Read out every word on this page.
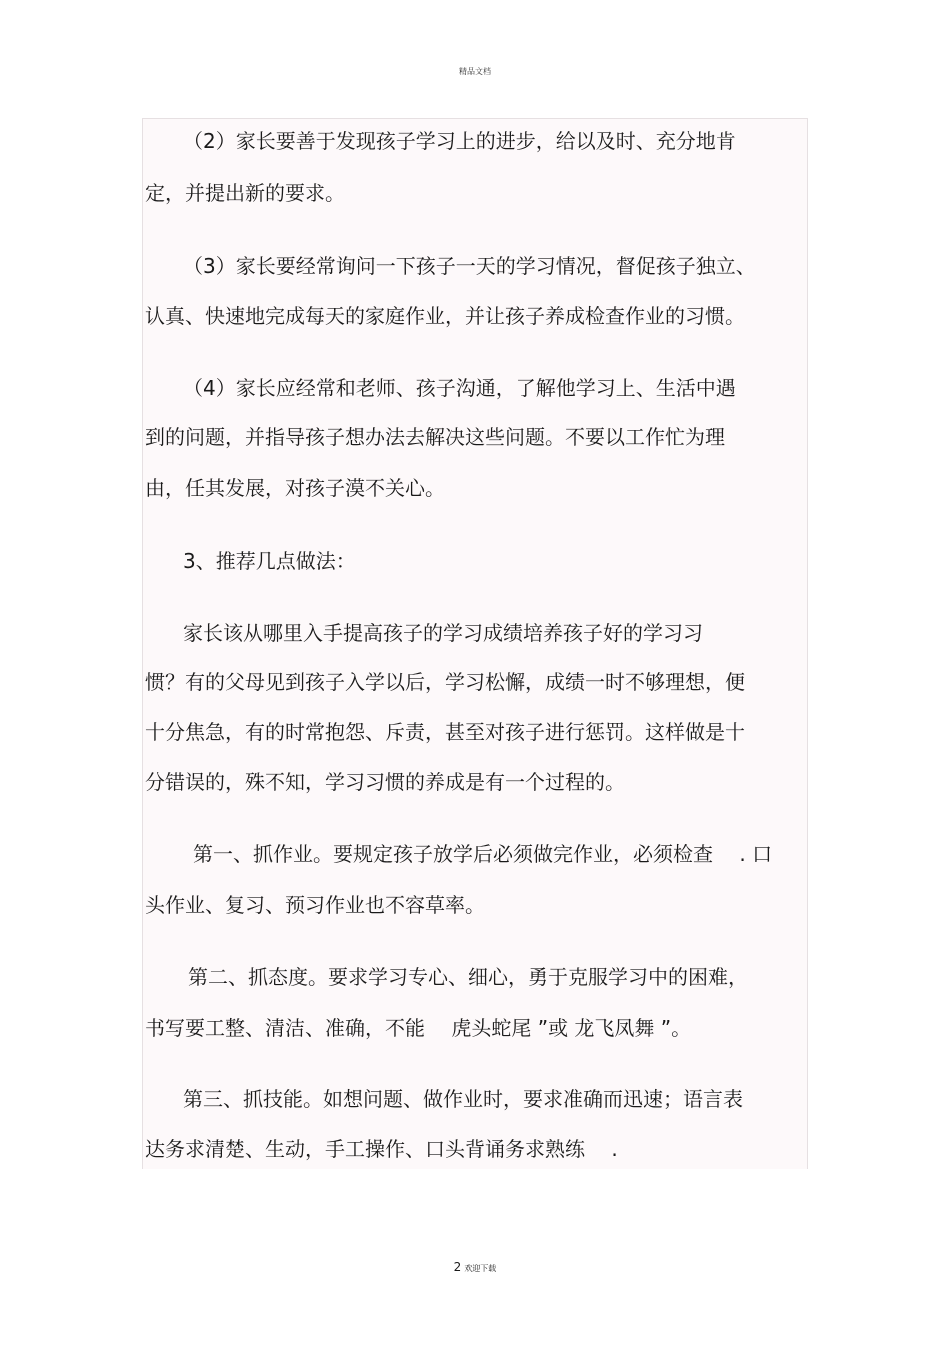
精品文档
（2）家长要善于发现孩子学习上的进步，给以及时、充分地肯
定，并提出新的要求。
（3）家长要经常询问一下孩子一天的学习情况，督促孩子独立、
认真、快速地完成每天的家庭作业，并让孩子养成检查作业的习惯。
（4）家长应经常和老师、孩子沟通，了解他学习上、生活中遇
到的问题，并指导孩子想办法去解决这些问题。不要以工作忙为理
由，任其发展，对孩子漠不关心。
3、推荐几点做法：
家长该从哪里入手提高孩子的学习成绩培养孩子好的学习习
惯？有的父母见到孩子入学以后，学习松懈，成绩一时不够理想，便
十分焦急，有的时常抱怨、斥责，甚至对孩子进行惩罚。这样做是十
分错误的，殊不知，学习习惯的养成是有一个过程的。
第一、抓作业。要规定孩子放学后必须做完作业，必须检查　 . 口
头作业、复习、预习作业也不容草率。
第二、抓态度。要求学习专心、细心，勇于克服学习中的困难，
书写要工整、清洁、准确，不能　 虎头蛇尾 ”或 龙飞凤舞 ”。
第三、抓技能。如想问题、做作业时，要求准确而迅速；语言表
达务求清楚、生动，手工操作、口头背诵务求熟练　 .
2 欢迎下载
